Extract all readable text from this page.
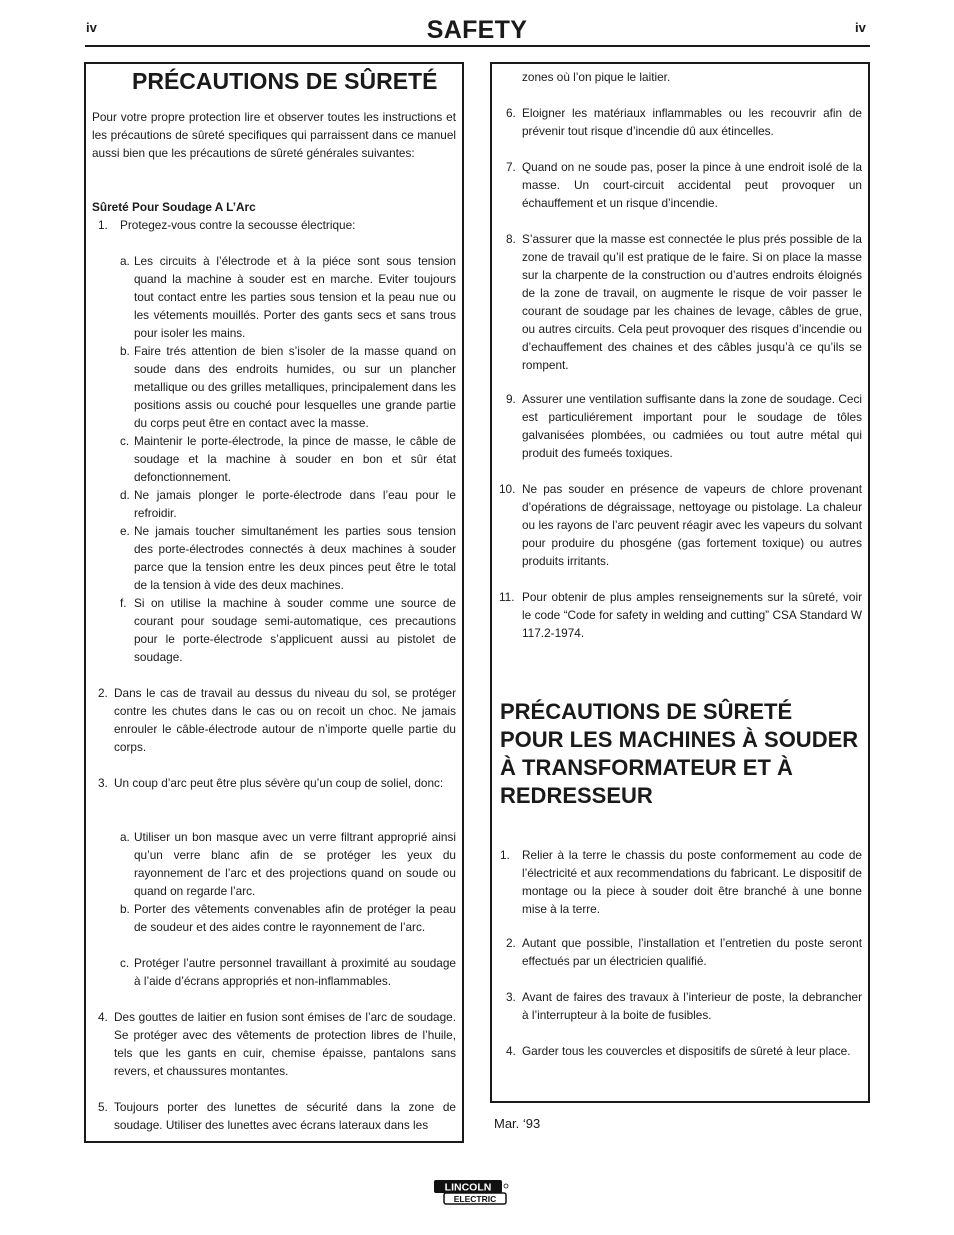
iv	SAFETY	iv
PRÉCAUTIONS DE SÛRETÉ

Pour votre propre protection lire et observer toutes les instructions et les précautions de sûreté specifiques qui parraissent dans ce manuel aussi bien que les précautions de sûreté générales suivantes:

Sûreté Pour Soudage A L’Arc

1. Protegez-vous contre la secousse électrique:
a. Les circuits à l’électrode et à la piéce sont sous tension quand la machine à souder est en marche. Eviter toujours tout contact entre les parties sous tension et la peau nue ou les vétements mouillés. Porter des gants secs et sans trous pour isoler les mains.
b. Faire trés attention de bien s’isoler de la masse quand on soude dans des endroits humides, ou sur un plancher metallique ou des grilles metalliques, principalement dans les positions assis ou couché pour lesquelles une grande partie du corps peut être en contact avec la masse.
c. Maintenir le porte-électrode, la pince de masse, le câble de soudage et la machine à souder en bon et sûr état defonctionnement.
d. Ne jamais plonger le porte-électrode dans l’eau pour le refroidir.
e. Ne jamais toucher simultanément les parties sous tension des porte-électrodes connectés à deux machines à souder parce que la tension entre les deux pinces peut être le total de la tension à vide des deux machines.
f. Si on utilise la machine à souder comme une source de courant pour soudage semi-automatique, ces precautions pour le porte-électrode s’applicuent aussi au pistolet de soudage.
2. Dans le cas de travail au dessus du niveau du sol, se protéger contre les chutes dans le cas ou on recoit un choc. Ne jamais enrouler le câble-électrode autour de n’importe quelle partie du corps.
3. Un coup d’arc peut être plus sévère qu’un coup de soliel, donc:
a. Utiliser un bon masque avec un verre filtrant approprié ainsi qu’un verre blanc afin de se protéger les yeux du rayonnement de l’arc et des projections quand on soude ou quand on regarde l’arc.
b. Porter des vêtements convenables afin de protéger la peau de soudeur et des aides contre le rayonnement de l’arc.
c. Protéger l’autre personnel travaillant à proximité au soudage à l’aide d’écrans appropriés et non-inflammables.
4. Des gouttes de laitier en fusion sont émises de l’arc de soudage. Se protéger avec des vêtements de protection libres de l’huile, tels que les gants en cuir, chemise épaisse, pantalons sans revers, et chaussures montantes.
5. Toujours porter des lunettes de sécurité dans la zone de soudage. Utiliser des lunettes avec écrans lateraux dans les

zones où l’on pique le laitier.

6. Eloigner les matériaux inflammables ou les recouvrir afin de prévenir tout risque d’incendie dû aux étincelles.
7. Quand on ne soude pas, poser la pince à une endroit isolé de la masse. Un court-circuit accidental peut provoquer un échauffement et un risque d’incendie.
8. S’assurer que la masse est connectée le plus prés possible de la zone de travail qu’il est pratique de le faire. Si on place la masse sur la charpente de la construction ou d’autres endroits éloignés de la zone de travail, on augmente le risque de voir passer le courant de soudage par les chaines de levage, câbles de grue, ou autres circuits. Cela peut provoquer des risques d’incendie ou d’echauffement des chaines et des câbles jusqu’à ce qu’ils se rompent.
9. Assurer une ventilation suffisante dans la zone de soudage. Ceci est particuliérement important pour le soudage de tôles galvanisées plombées, ou cadmiées ou tout autre métal qui produit des fumeés toxiques.
10. Ne pas souder en présence de vapeurs de chlore provenant d’opérations de dégraissage, nettoyage ou pistolage. La chaleur ou les rayons de l’arc peuvent réagir avec les vapeurs du solvant pour produire du phosgéne (gas fortement toxique) ou autres produits irritants.
11. Pour obtenir de plus amples renseignements sur la sûreté, voir le code “Code for safety in welding and cutting” CSA Standard W 117.2-1974.
PRÉCAUTIONS DE SÛRETÉ POUR LES MACHINES À SOUDER À TRANSFORMATEUR ET À REDRESSEUR
1. Relier à la terre le chassis du poste conformement au code de l’électricité et aux recommendations du fabricant. Le dispositif de montage ou la piece à souder doit être branché à une bonne mise à la terre.
2. Autant que possible, l’installation et l’entretien du poste seront effectués par un électricien qualifié.
3. Avant de faires des travaux à l’interieur de poste, la debrancher à l’interrupteur à la boite de fusibles.
4. Garder tous les couvercles et dispositifs de sûreté à leur place.
Mar. ‘93
LINCOLN
ELECTRIC
